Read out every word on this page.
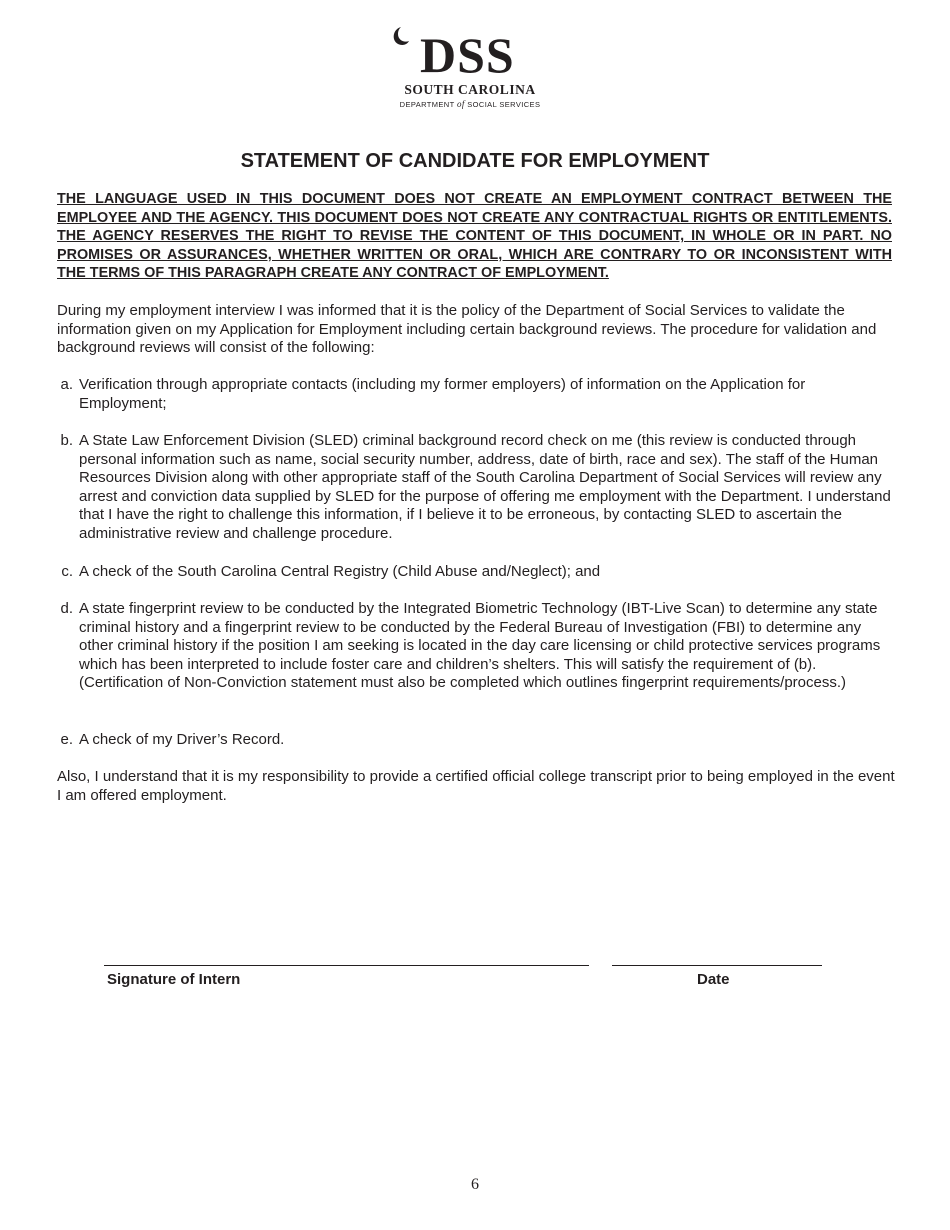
DSS
SOUTH CAROLINA
DEPARTMENT of SOCIAL SERVICES
STATEMENT OF CANDIDATE FOR EMPLOYMENT
THE LANGUAGE USED IN THIS DOCUMENT DOES NOT CREATE AN EMPLOYMENT CONTRACT BETWEEN THE EMPLOYEE AND THE AGENCY. THIS DOCUMENT DOES NOT CREATE ANY CONTRACTUAL RIGHTS OR ENTITLEMENTS. THE AGENCY RESERVES THE RIGHT TO REVISE THE CONTENT OF THIS DOCUMENT, IN WHOLE OR IN PART. NO PROMISES OR ASSURANCES, WHETHER WRITTEN OR ORAL, WHICH ARE CONTRARY TO OR INCONSISTENT WITH THE TERMS OF THIS PARAGRAPH CREATE ANY CONTRACT OF EMPLOYMENT.
During my employment interview I was informed that it is the policy of the Department of Social Services to validate the information given on my Application for Employment including certain background reviews. The procedure for validation and background reviews will consist of the following:
a. Verification through appropriate contacts (including my former employers) of information on the Application for Employment;
b. A State Law Enforcement Division (SLED) criminal background record check on me (this review is conducted through personal information such as name, social security number, address, date of birth, race and sex). The staff of the Human Resources Division along with other appropriate staff of the South Carolina Department of Social Services will review any arrest and conviction data supplied by SLED for the purpose of offering me employment with the Department. I understand that I have the right to challenge this information, if I believe it to be erroneous, by contacting SLED to ascertain the administrative review and challenge procedure.
c. A check of the South Carolina Central Registry (Child Abuse and/Neglect); and
d. A state fingerprint review to be conducted by the Integrated Biometric Technology (IBT-Live Scan) to determine any state criminal history and a fingerprint review to be conducted by the Federal Bureau of Investigation (FBI) to determine any other criminal history if the position I am seeking is located in the day care licensing or child protective services programs which has been interpreted to include foster care and children’s shelters. This will satisfy the requirement of (b). (Certification of Non-Conviction statement must also be completed which outlines fingerprint requirements/process.)
e. A check of my Driver’s Record.
Also, I understand that it is my responsibility to provide a certified official college transcript prior to being employed in the event I am offered employment.
Signature of Intern	Date
6
